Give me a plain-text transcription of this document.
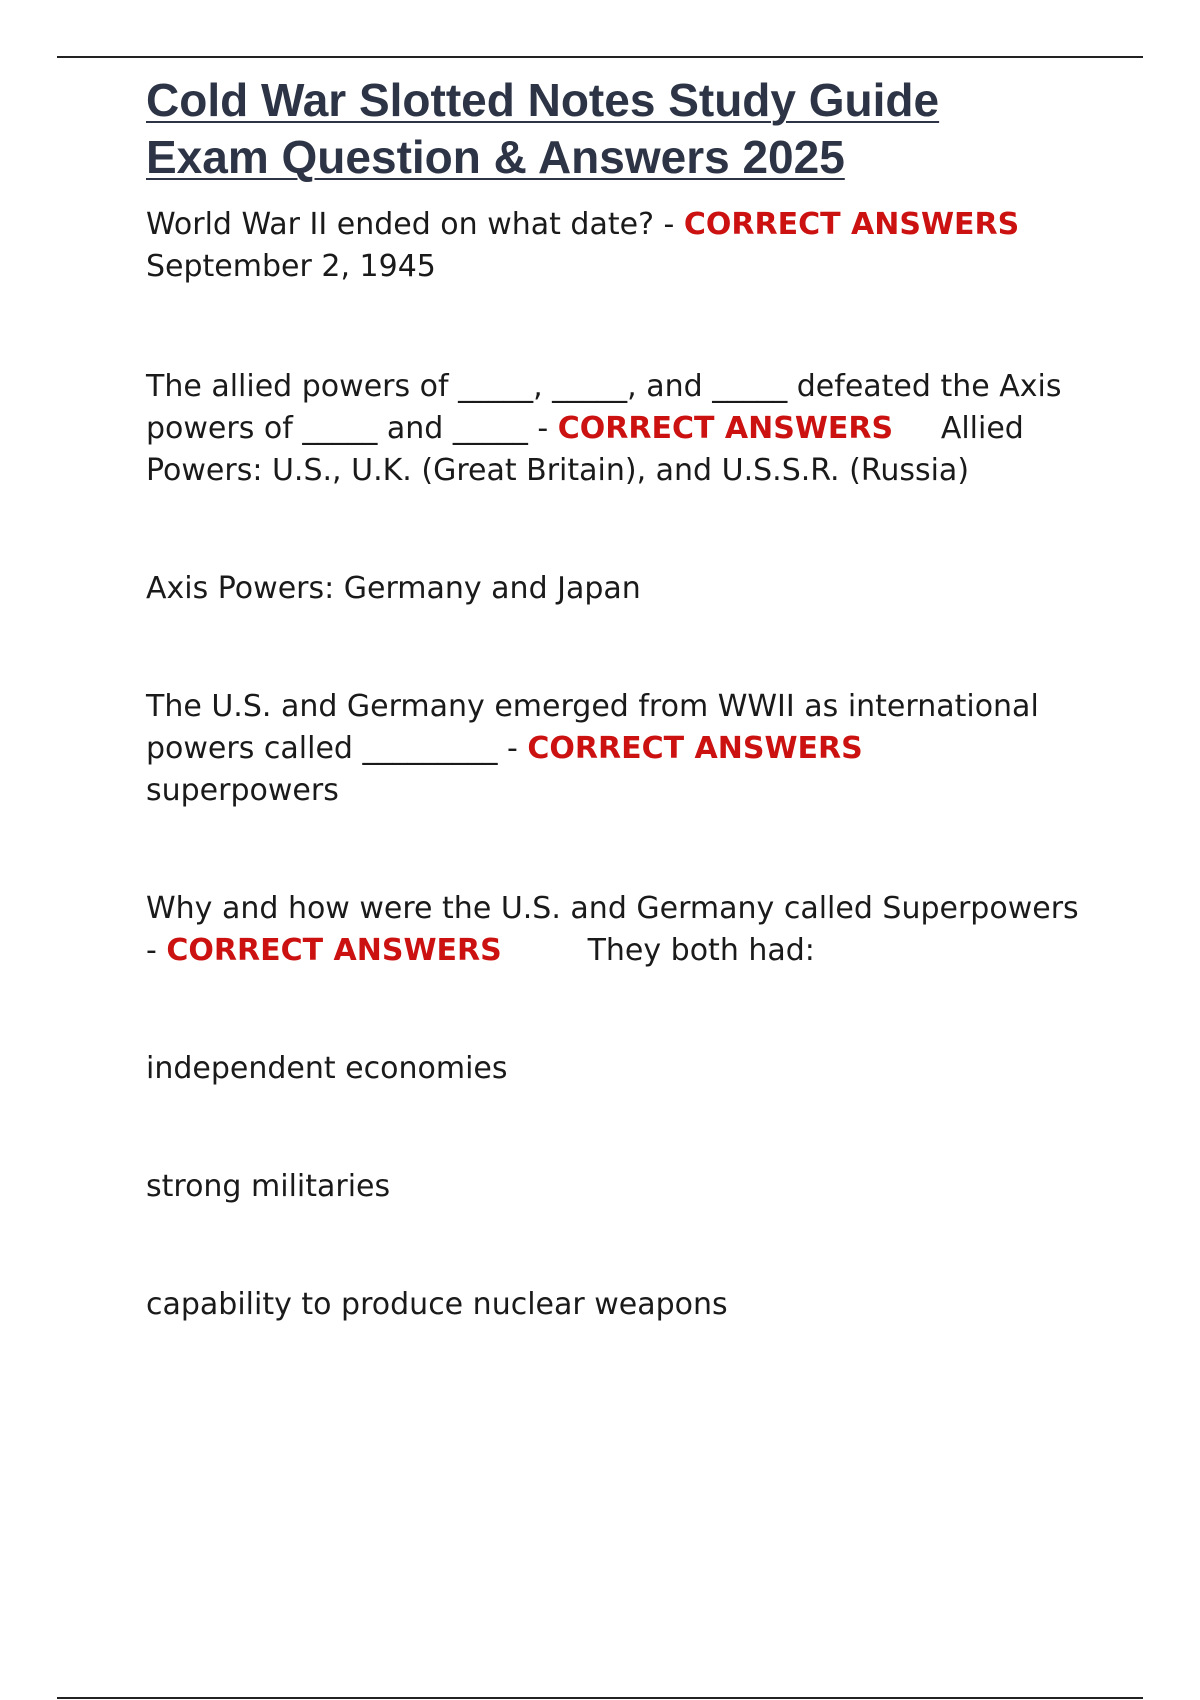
Cold War Slotted Notes Study Guide
Exam Question & Answers 2025

World War II ended on what date? - CORRECT ANSWERS     September 2, 1945

The allied powers of _____, _____, and _____ defeated the Axis powers of _____ and _____ - CORRECT ANSWERS     Allied Powers: U.S., U.K. (Great Britain), and U.S.S.R. (Russia)

Axis Powers: Germany and Japan

The U.S. and Germany emerged from WWII as international powers called _________ - CORRECT ANSWERS         superpowers

Why and how were the U.S. and Germany called Superpowers - CORRECT ANSWERS         They both had:

independent economies

strong militaries

capability to produce nuclear weapons
